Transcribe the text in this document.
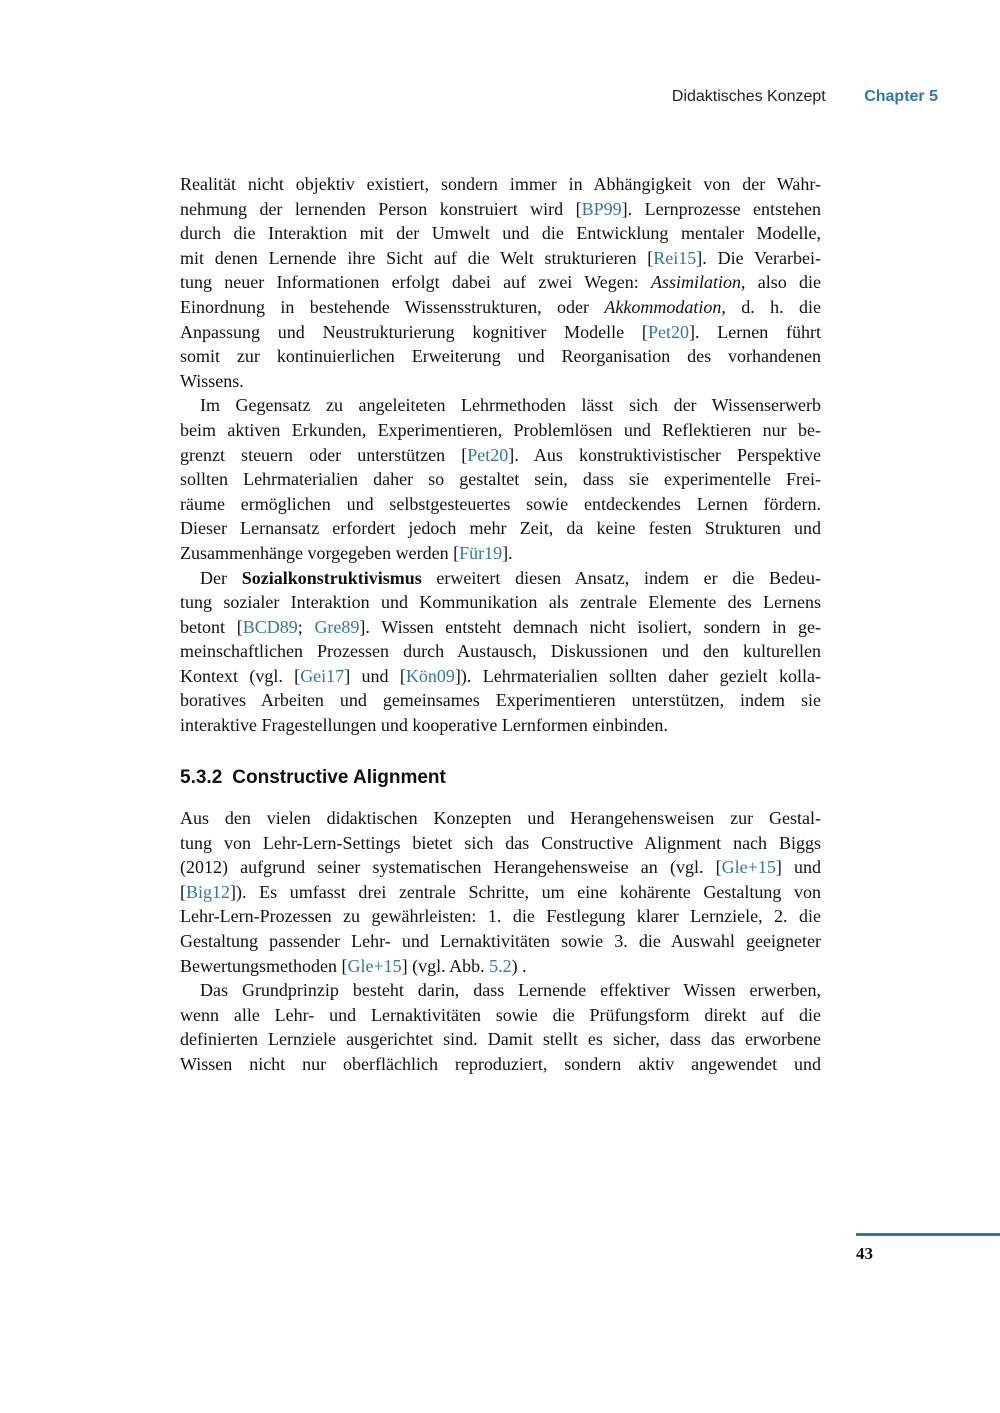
Didaktisches Konzept Chapter 5
Realität nicht objektiv existiert, sondern immer in Abhängigkeit von der Wahr-
nehmung der lernenden Person konstruiert wird [BP99]. Lernprozesse entstehen
durch die Interaktion mit der Umwelt und die Entwicklung mentaler Modelle,
mit denen Lernende ihre Sicht auf die Welt strukturieren [Rei15]. Die Verarbei-
tung neuer Informationen erfolgt dabei auf zwei Wegen: Assimilation, also die
Einordnung in bestehende Wissensstrukturen, oder Akkommodation, d. h. die
Anpassung und Neustrukturierung kognitiver Modelle [Pet20]. Lernen führt
somit zur kontinuierlichen Erweiterung und Reorganisation des vorhandenen
Wissens.
Im Gegensatz zu angeleiteten Lehrmethoden lässt sich der Wissenserwerb
beim aktiven Erkunden, Experimentieren, Problemlösen und Reflektieren nur be-
grenzt steuern oder unterstützen [Pet20]. Aus konstruktivistischer Perspektive
sollten Lehrmaterialien daher so gestaltet sein, dass sie experimentelle Frei-
räume ermöglichen und selbstgesteuertes sowie entdeckendes Lernen fördern.
Dieser Lernansatz erfordert jedoch mehr Zeit, da keine festen Strukturen und
Zusammenhänge vorgegeben werden [Für19].
Der Sozialkonstruktivismus erweitert diesen Ansatz, indem er die Bedeu-
tung sozialer Interaktion und Kommunikation als zentrale Elemente des Lernens
betont [BCD89; Gre89]. Wissen entsteht demnach nicht isoliert, sondern in ge-
meinschaftlichen Prozessen durch Austausch, Diskussionen und den kulturellen
Kontext (vgl. [Gei17] und [Kön09]). Lehrmaterialien sollten daher gezielt kolla-
boratives Arbeiten und gemeinsames Experimentieren unterstützen, indem sie
interaktive Fragestellungen und kooperative Lernformen einbinden.
5.3.2 Constructive Alignment
Aus den vielen didaktischen Konzepten und Herangehensweisen zur Gestal-
tung von Lehr-Lern-Settings bietet sich das Constructive Alignment nach Biggs
(2012) aufgrund seiner systematischen Herangehensweise an (vgl. [Gle+15] und
[Big12]). Es umfasst drei zentrale Schritte, um eine kohärente Gestaltung von
Lehr-Lern-Prozessen zu gewährleisten: 1. die Festlegung klarer Lernziele, 2. die
Gestaltung passender Lehr- und Lernaktivitäten sowie 3. die Auswahl geeigneter
Bewertungsmethoden [Gle+15] (vgl. Abb. 5.2) .
Das Grundprinzip besteht darin, dass Lernende effektiver Wissen erwerben,
wenn alle Lehr- und Lernaktivitäten sowie die Prüfungsform direkt auf die
definierten Lernziele ausgerichtet sind. Damit stellt es sicher, dass das erworbene
Wissen nicht nur oberflächlich reproduziert, sondern aktiv angewendet und
43
